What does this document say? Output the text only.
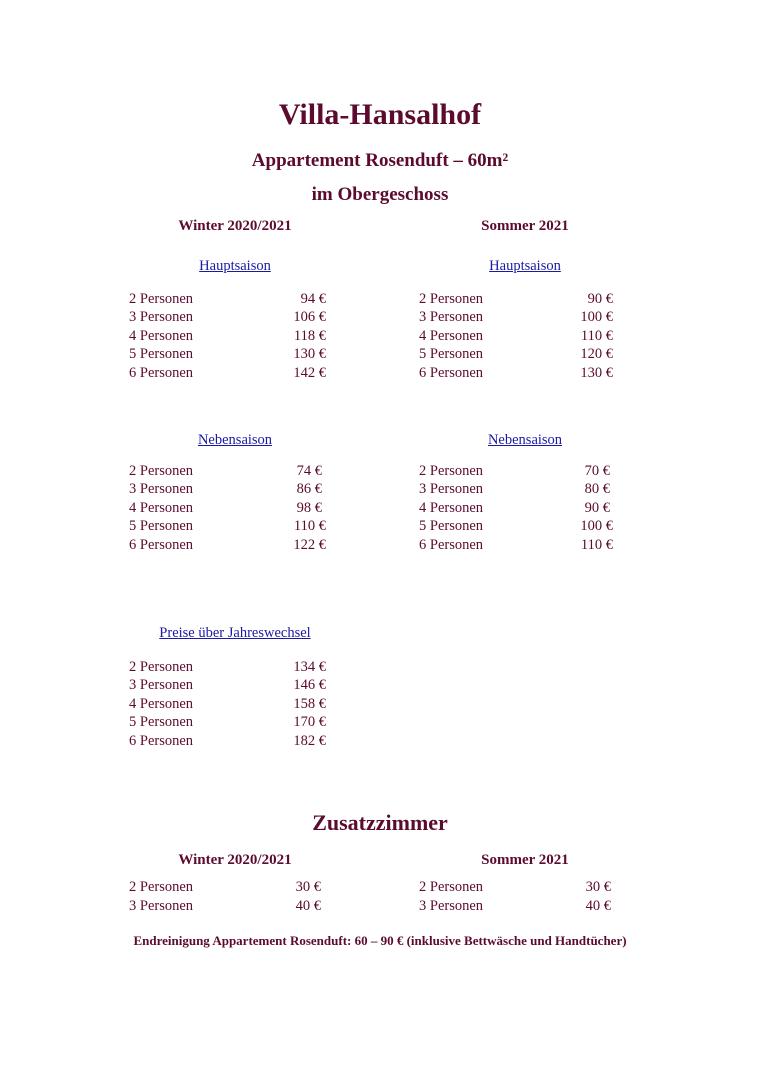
Villa-Hansalhof
Appartement Rosenduft – 60m²
im Obergeschoss
Winter 2020/2021	Sommer 2021
Hauptsaison
2 Personen	94 €
3 Personen	106 €
4 Personen	118 €
5 Personen	130 €
6 Personen	142 €
Hauptsaison
2 Personen	90 €
3 Personen	100 €
4 Personen	110 €
5 Personen	120 €
6 Personen	130 €
Nebensaison
2 Personen	74 €
3 Personen	86 €
4 Personen	98 €
5 Personen	110 €
6 Personen	122 €
Nebensaison
2 Personen	70 €
3 Personen	80 €
4 Personen	90 €
5 Personen	100 €
6 Personen	110 €
Preise über Jahreswechsel
2 Personen	134 €
3 Personen	146 €
4 Personen	158 €
5 Personen	170 €
6 Personen	182 €
Zusatzzimmer
Winter 2020/2021	Sommer 2021
2 Personen	30 €
3 Personen	40 €
2 Personen	30 €
3 Personen	40 €
Endreinigung Appartement Rosenduft: 60 – 90 € (inklusive Bettwäsche und Handtücher)
